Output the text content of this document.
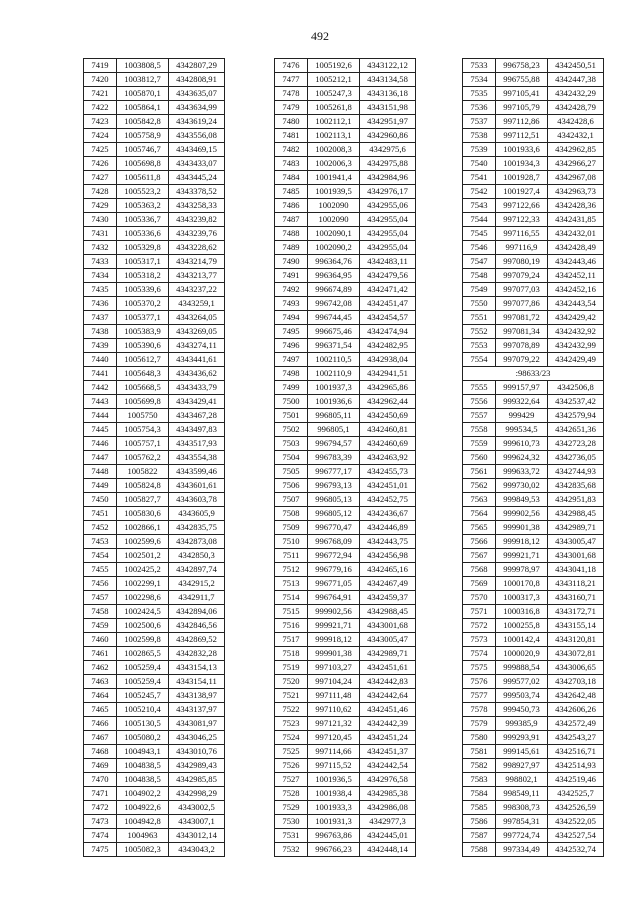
492
7419	1003808,5	4342807,29
7420	1003812,7	4342808,91
7421	1005870,1	4343635,07
7422	1005864,1	4343634,99
7423	1005842,8	4343619,24
7424	1005758,9	4343556,08
7425	1005746,7	4343469,15
7426	1005698,8	4343433,07
7427	1005611,8	4343445,24
7428	1005523,2	4343378,52
7429	1005363,2	4343258,33
7430	1005336,7	4343239,82
7431	1005336,6	4343239,76
7432	1005329,8	4343228,62
7433	1005317,1	4343214,79
7434	1005318,2	4343213,77
7435	1005339,6	4343237,22
7436	1005370,2	4343259,1
7437	1005377,1	4343264,05
7438	1005383,9	4343269,05
7439	1005390,6	4343274,11
7440	1005612,7	4343441,61
7441	1005648,3	4343436,62
7442	1005668,5	4343433,79
7443	1005699,8	4343429,41
7444	1005750	4343467,28
7445	1005754,3	4343497,83
7446	1005757,1	4343517,93
7447	1005762,2	4343554,38
7448	1005822	4343599,46
7449	1005824,8	4343601,61
7450	1005827,7	4343603,78
7451	1005830,6	4343605,9
7452	1002866,1	4342835,75
7453	1002599,6	4342873,08
7454	1002501,2	4342850,3
7455	1002425,2	4342897,74
7456	1002299,1	4342915,2
7457	1002298,6	4342911,7
7458	1002424,5	4342894,06
7459	1002500,6	4342846,56
7460	1002599,8	4342869,52
7461	1002865,5	4342832,28
7462	1005259,4	4343154,13
7463	1005259,4	4343154,11
7464	1005245,7	4343138,97
7465	1005210,4	4343137,97
7466	1005130,5	4343081,97
7467	1005080,2	4343046,25
7468	1004943,1	4343010,76
7469	1004838,5	4342989,43
7470	1004838,5	4342985,85
7471	1004902,2	4342998,29
7472	1004922,6	4343002,5
7473	1004942,8	4343007,1
7474	1004963	4343012,14
7475	1005082,3	4343043,2
7476	1005192,6	4343122,12
7477	1005212,1	4343134,58
7478	1005247,3	4343136,18
7479	1005261,8	4343151,98
7480	1002112,1	4342951,97
7481	1002113,1	4342960,86
7482	1002008,3	4342975,6
7483	1002006,3	4342975,88
7484	1001941,4	4342984,96
7485	1001939,5	4342976,17
7486	1002090	4342955,06
7487	1002090	4342955,04
7488	1002090,1	4342955,04
7489	1002090,2	4342955,04
7490	996364,76	4342483,11
7491	996364,95	4342479,56
7492	996674,89	4342471,42
7493	996742,08	4342451,47
7494	996744,45	4342454,57
7495	996675,46	4342474,94
7496	996371,54	4342482,95
7497	1002110,5	4342938,04
7498	1002110,9	4342941,51
7499	1001937,3	4342965,86
7500	1001936,6	4342962,44
7501	996805,11	4342450,69
7502	996805,1	4342460,81
7503	996794,57	4342460,69
7504	996783,39	4342463,92
7505	996777,17	4342455,73
7506	996793,13	4342451,01
7507	996805,13	4342452,75
7508	996805,12	4342436,67
7509	996770,47	4342446,89
7510	996768,09	4342443,75
7511	996772,94	4342456,98
7512	996779,16	4342465,16
7513	996771,05	4342467,49
7514	996764,91	4342459,37
7515	999902,56	4342988,45
7516	999921,71	4343001,68
7517	999918,12	4343005,47
7518	999901,38	4342989,71
7519	997103,27	4342451,61
7520	997104,24	4342442,83
7521	997111,48	4342442,64
7522	997110,62	4342451,46
7523	997121,32	4342442,39
7524	997120,45	4342451,24
7525	997114,66	4342451,37
7526	997115,52	4342442,54
7527	1001936,5	4342976,58
7528	1001938,4	4342985,38
7529	1001933,3	4342986,08
7530	1001931,3	4342977,3
7531	996763,86	4342445,01
7532	996766,23	4342448,14
7533	996758,23	4342450,51
7534	996755,88	4342447,38
7535	997105,41	4342432,29
7536	997105,79	4342428,79
7537	997112,86	4342428,6
7538	997112,51	4342432,1
7539	1001933,6	4342962,85
7540	1001934,3	4342966,27
7541	1001928,7	4342967,08
7542	1001927,4	4342963,73
7543	997122,66	4342428,36
7544	997122,33	4342431,85
7545	997116,55	4342432,01
7546	997116,9	4342428,49
7547	997080,19	4342443,46
7548	997079,24	4342452,11
7549	997077,03	4342452,16
7550	997077,86	4342443,54
7551	997081,72	4342429,42
7552	997081,34	4342432,92
7553	997078,89	4342432,99
7554	997079,22	4342429,49
:98633/23		
7555	999157,97	4342506,8
7556	999322,64	4342537,42
7557	999429	4342579,94
7558	999534,5	4342651,36
7559	999610,73	4342723,28
7560	999624,32	4342736,05
7561	999633,72	4342744,93
7562	999730,02	4342835,68
7563	999849,53	4342951,83
7564	999902,56	4342988,45
7565	999901,38	4342989,71
7566	999918,12	4343005,47
7567	999921,71	4343001,68
7568	999978,97	4343041,18
7569	1000170,8	4343118,21
7570	1000317,3	4343160,71
7571	1000316,8	4343172,71
7572	1000255,8	4343155,14
7573	1000142,4	4343120,81
7574	1000020,9	4343072,81
7575	999888,54	4343006,65
7576	999577,02	4342703,18
7577	999503,74	4342642,48
7578	999450,73	4342606,26
7579	999385,9	4342572,49
7580	999293,91	4342543,27
7581	999145,61	4342516,71
7582	998927,97	4342514,93
7583	998802,1	4342519,46
7584	998549,11	4342525,7
7585	998308,73	4342526,59
7586	997854,31	4342522,05
7587	997724,74	4342527,54
7588	997334,49	4342532,74
